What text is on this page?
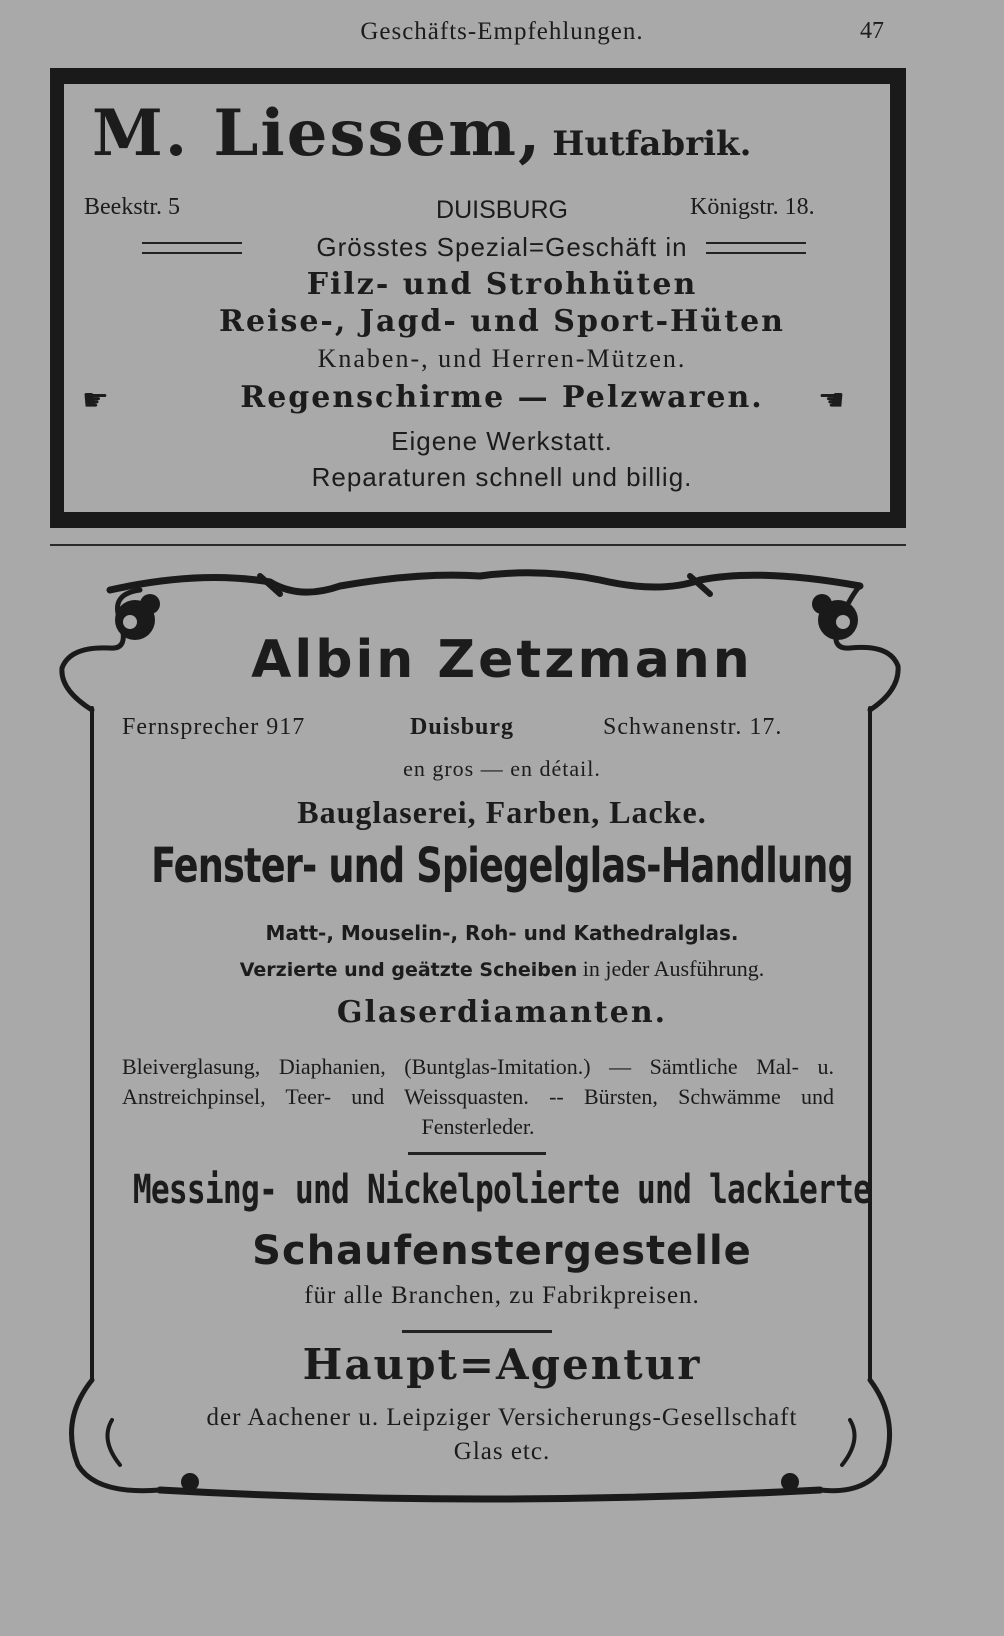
Geschäfts-Empfehlungen.	47
M. Liessem, Hutfabrik.
Beekstr. 5	DUISBURG	Königstr. 18.
Grösstes Spezial=Geschäft in
Filz- und Strohhüten
Reise-, Jagd- und Sport-Hüten
Knaben-, und Herren-Mützen.
☛	Regenschirme — Pelzwaren.	☚
Eigene Werkstatt.
Reparaturen schnell und billig.
Albin Zetzmann
Fernsprecher 917	Duisburg	Schwanenstr. 17.
en gros — en détail.
Bauglaserei, Farben, Lacke.
Fenster- und Spiegelglas-Handlung
Matt-, Mouselin-, Roh- und Kathedralglas.
Verzierte und geätzte Scheiben in jeder Ausführung.
Glaserdiamanten.
Bleiverglasung, Diaphanien, (Buntglas-Imitation.) — Sämtliche Mal- u. Anstreichpinsel, Teer- und Weissquasten. -- Bürsten, Schwämme und Fensterleder.
Messing- und Nickelpolierte und lackierte
Schaufenstergestelle
für alle Branchen, zu Fabrikpreisen.
Haupt=Agentur
der Aachener u. Leipziger Versicherungs-Gesellschaft
Glas etc.
